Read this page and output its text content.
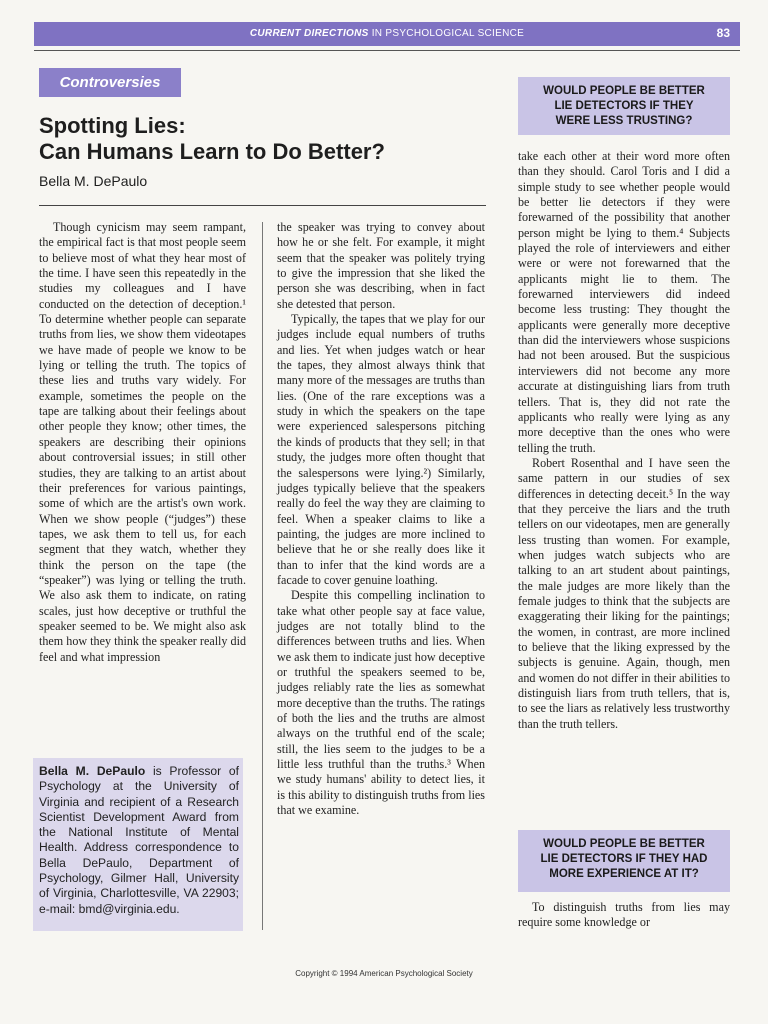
CURRENT DIRECTIONS IN PSYCHOLOGICAL SCIENCE	83
Controversies
Spotting Lies:
Can Humans Learn to Do Better?
Bella M. DePaulo

Though cynicism may seem rampant, the empirical fact is that most people seem to believe most of what they hear most of the time. I have seen this repeatedly in the studies my colleagues and I have conducted on the detection of deception.¹ To determine whether people can separate truths from lies, we show them videotapes we have made of people we know to be lying or telling the truth. The topics of these lies and truths vary widely. For example, sometimes the people on the tape are talking about their feelings about other people they know; other times, the speakers are describing their opinions about controversial issues; in still other studies, they are talking to an artist about their preferences for various paintings, some of which are the artist's own work. When we show people (“judges”) these tapes, we ask them to tell us, for each segment that they watch, whether they think the person on the tape (the “speaker”) was lying or telling the truth. We also ask them to indicate, on rating scales, just how deceptive or truthful the speaker seemed to be. We might also ask them how they think the speaker really did feel and what impression

Bella M. DePaulo is Professor of Psychology at the University of Virginia and recipient of a Research Scientist Development Award from the National Institute of Mental Health. Address correspondence to Bella DePaulo, Department of Psychology, Gilmer Hall, University of Virginia, Charlottesville, VA 22903; e-mail: bmd@virginia.edu.

the speaker was trying to convey about how he or she felt. For example, it might seem that the speaker was politely trying to give the impression that she liked the person she was describing, when in fact she detested that person.

Typically, the tapes that we play for our judges include equal numbers of truths and lies. Yet when judges watch or hear the tapes, they almost always think that many more of the messages are truths than lies. (One of the rare exceptions was a study in which the speakers on the tape were experienced salespersons pitching the kinds of products that they sell; in that study, the judges more often thought that the salespersons were lying.²) Similarly, judges typically believe that the speakers really do feel the way they are claiming to feel. When a speaker claims to like a painting, the judges are more inclined to believe that he or she really does like it than to infer that the kind words are a facade to cover genuine loathing.

Despite this compelling inclination to take what other people say at face value, judges are not totally blind to the differences between truths and lies. When we ask them to indicate just how deceptive or truthful the speakers seemed to be, judges reliably rate the lies as somewhat more deceptive than the truths. The ratings of both the lies and the truths are almost always on the truthful end of the scale; still, the lies seem to the judges to be a little less truthful than the truths.³ When we study humans' ability to detect lies, it is this ability to distinguish truths from lies that we examine.

WOULD PEOPLE BE BETTER
LIE DETECTORS IF THEY
WERE LESS TRUSTING?

take each other at their word more often than they should. Carol Toris and I did a simple study to see whether people would be better lie detectors if they were forewarned of the possibility that another person might be lying to them.⁴ Subjects played the role of interviewers and either were or were not forewarned that the applicants might lie to them. The forewarned interviewers did indeed become less trusting: They thought the applicants were generally more deceptive than did the interviewers whose suspicions had not been aroused. But the suspicious interviewers did not become any more accurate at distinguishing liars from truth tellers. That is, they did not rate the applicants who really were lying as any more deceptive than the ones who were telling the truth.

Robert Rosenthal and I have seen the same pattern in our studies of sex differences in detecting deceit.⁵ In the way that they perceive the liars and the truth tellers on our videotapes, men are generally less trusting than women. For example, when judges watch subjects who are talking to an art student about paintings, the male judges are more likely than the female judges to think that the subjects are exaggerating their liking for the paintings; the women, in contrast, are more inclined to believe that the liking expressed by the subjects is genuine. Again, though, men and women do not differ in their abilities to distinguish liars from truth tellers, that is, to see the liars as relatively less trustworthy than the truth tellers.

WOULD PEOPLE BE BETTER
LIE DETECTORS IF THEY HAD
MORE EXPERIENCE AT IT?

To distinguish truths from lies may require some knowledge or

Copyright © 1994 American Psychological Society
